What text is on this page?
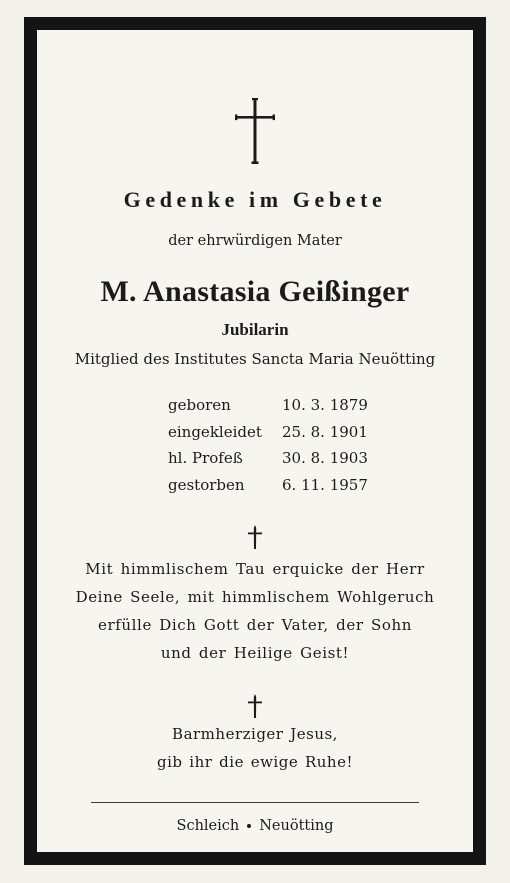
Gedenke im Gebete
der ehrwürdigen Mater
M. Anastasia Geißinger
Jubilarin
Mitglied des Institutes Sancta Maria Neuötting
geboren	10. 3. 1879
eingekleidet	25. 8. 1901
hl. Profeß	30. 8. 1903
gestorben	6. 11. 1957
Mit himmlischem Tau erquicke der Herr
Deine Seele, mit himmlischem Wohlgeruch
erfülle Dich Gott der Vater, der Sohn
und der Heilige Geist!
Barmherziger Jesus,
gib ihr die ewige Ruhe!
Schleich Neuötting
